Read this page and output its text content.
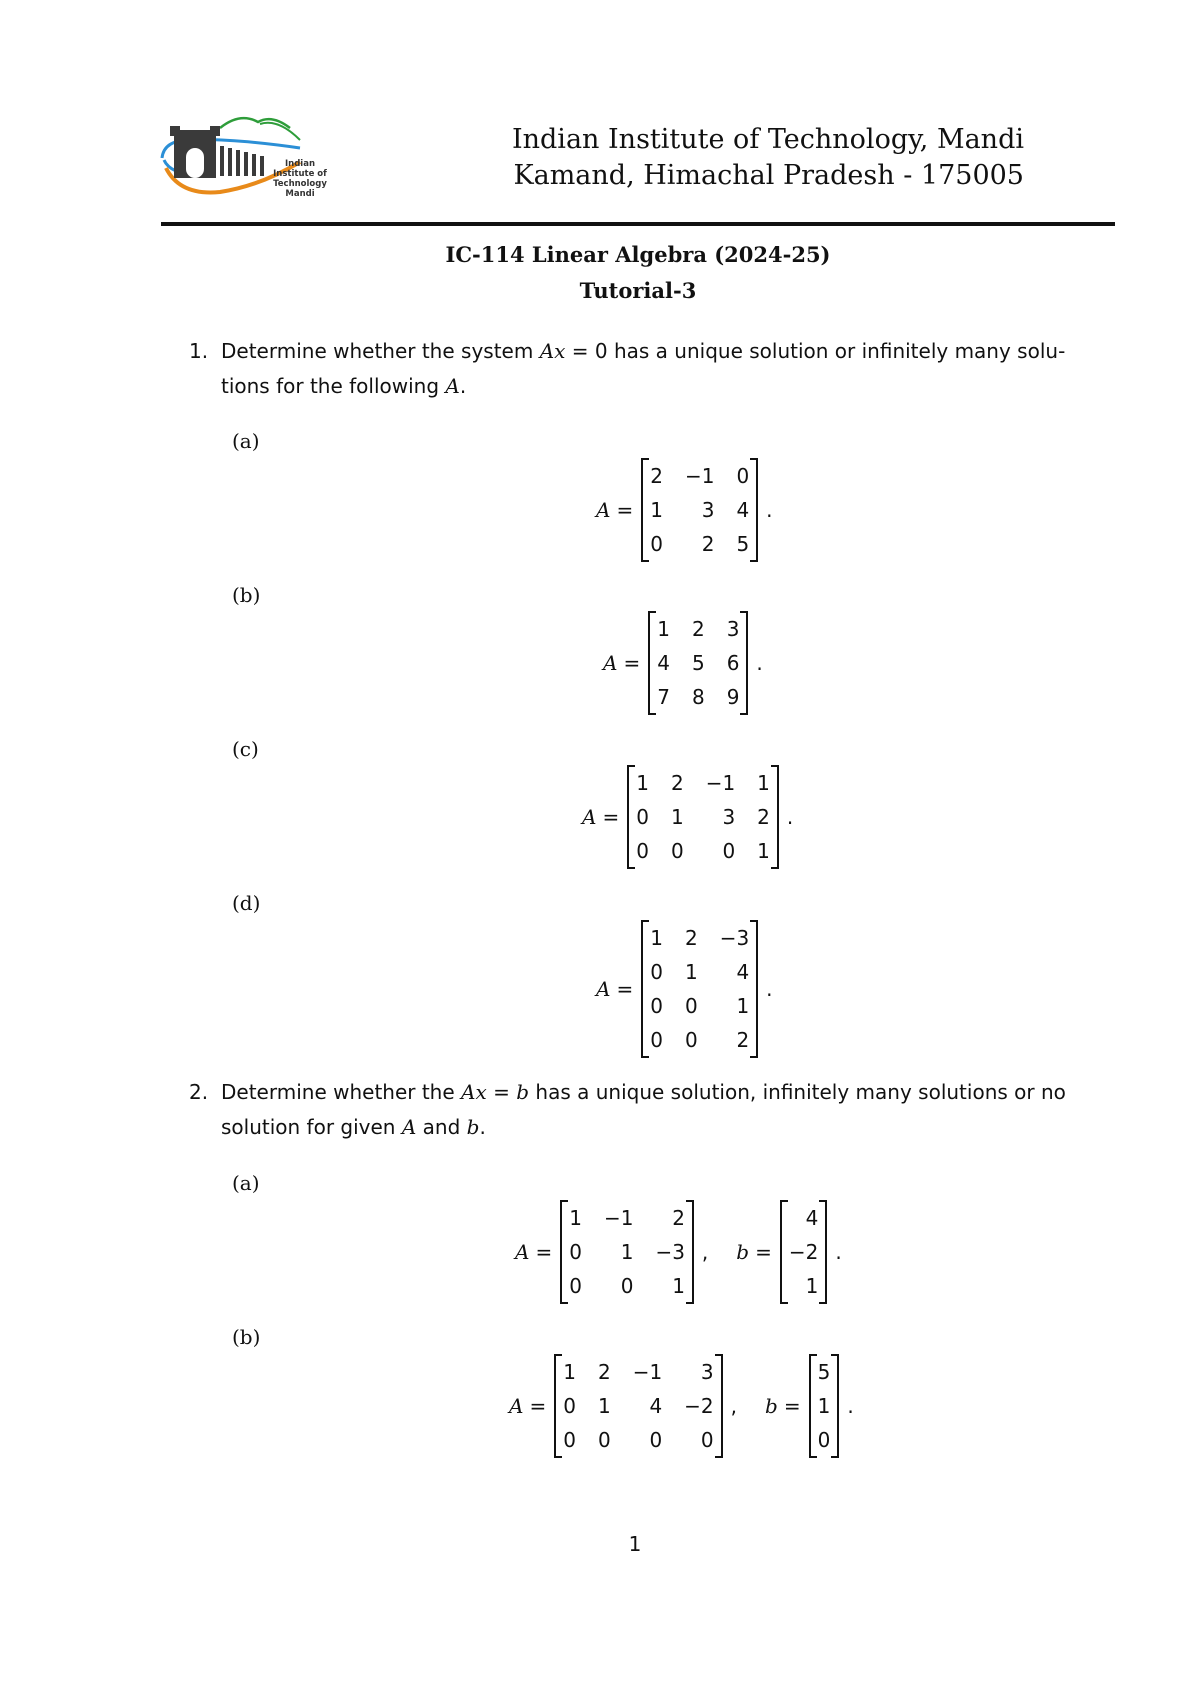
Indian
Institute of
Technology
Mandi
Indian Institute of Technology, Mandi
Kamand, Himachal Pradesh - 175005
IC-114 Linear Algebra (2024-25)
Tutorial-3
1. Determine whether the system Ax = 0 has a unique solution or infinitely many solu-
tions for the following A.
(a)
A =
2 −1 0
1	3 4
0	2 5
.
(b)
A =
1 2 3
4 5 6
7 8 9
.
(c)
A =
1 2 −1 1
0 1	3 2
0 0	0 1
.
(d)
A =
1 2 −3
0 1	4
0 0	1
0 0	2
.
2. Determine whether the Ax = b has a unique solution, infinitely many solutions or no
solution for given A and b.
(a)
A =
1 −1	2
0	1 −3
0	0	1
, b =
4
−2
1
.
(b)
A =
1 2 −1	3
0 1	4 −2
0 0	0	0
, b =
5
1
0
.
1
